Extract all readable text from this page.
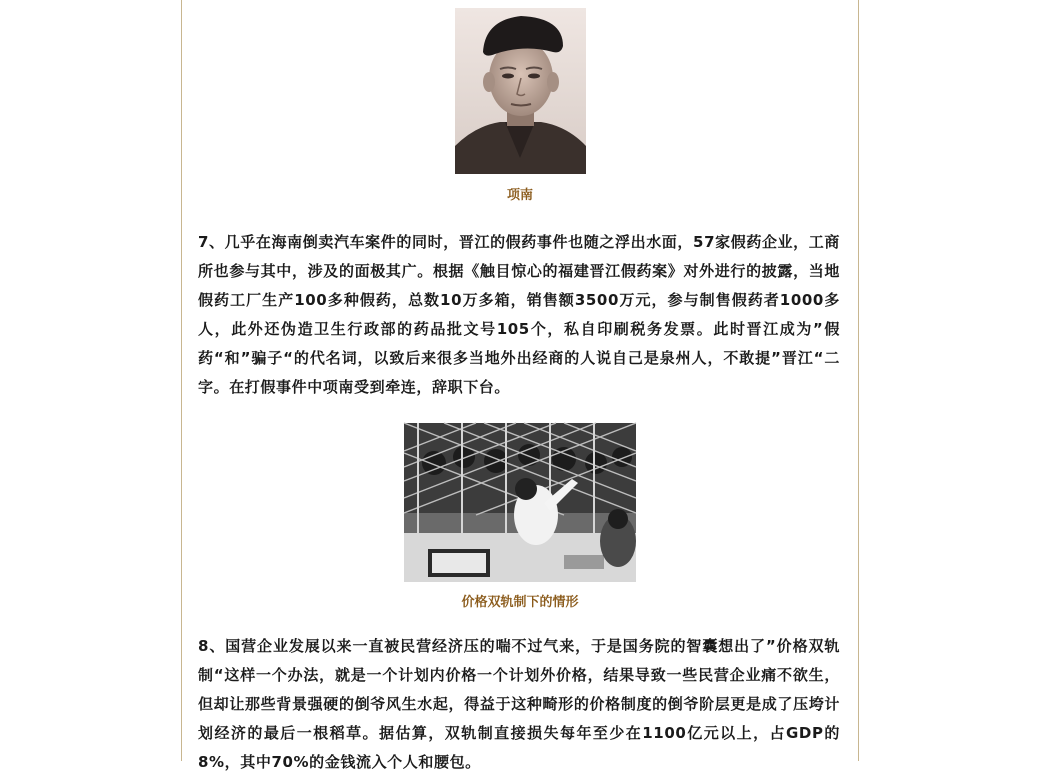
项南
7、几乎在海南倒卖汽车案件的同时，晋江的假药事件也随之浮出水面，57家假药企业，工商所也参与其中，涉及的面极其广。根据《触目惊心的福建晋江假药案》对外进行的披露，当地假药工厂生产100多种假药，总数10万多箱，销售额3500万元，参与制售假药者1000多人，此外还伪造卫生行政部的药品批文号105个，私自印刷税务发票。此时晋江成为”假药“和”骗子“的代名词，以致后来很多当地外出经商的人说自己是泉州人，不敢提”晋江“二字。在打假事件中项南受到牵连，辞职下台。
价格双轨制下的情形
8、国营企业发展以来一直被民营经济压的喘不过气来，于是国务院的智囊想出了”价格双轨制“这样一个办法，就是一个计划内价格一个计划外价格，结果导致一些民营企业痛不欲生，但却让那些背景强硬的倒爷风生水起，得益于这种畸形的价格制度的倒爷阶层更是成了压垮计划经济的最后一根稻草。据估算，双轨制直接损失每年至少在1100亿元以上，占GDP的8%，其中70%的金钱流入个人和腰包。
